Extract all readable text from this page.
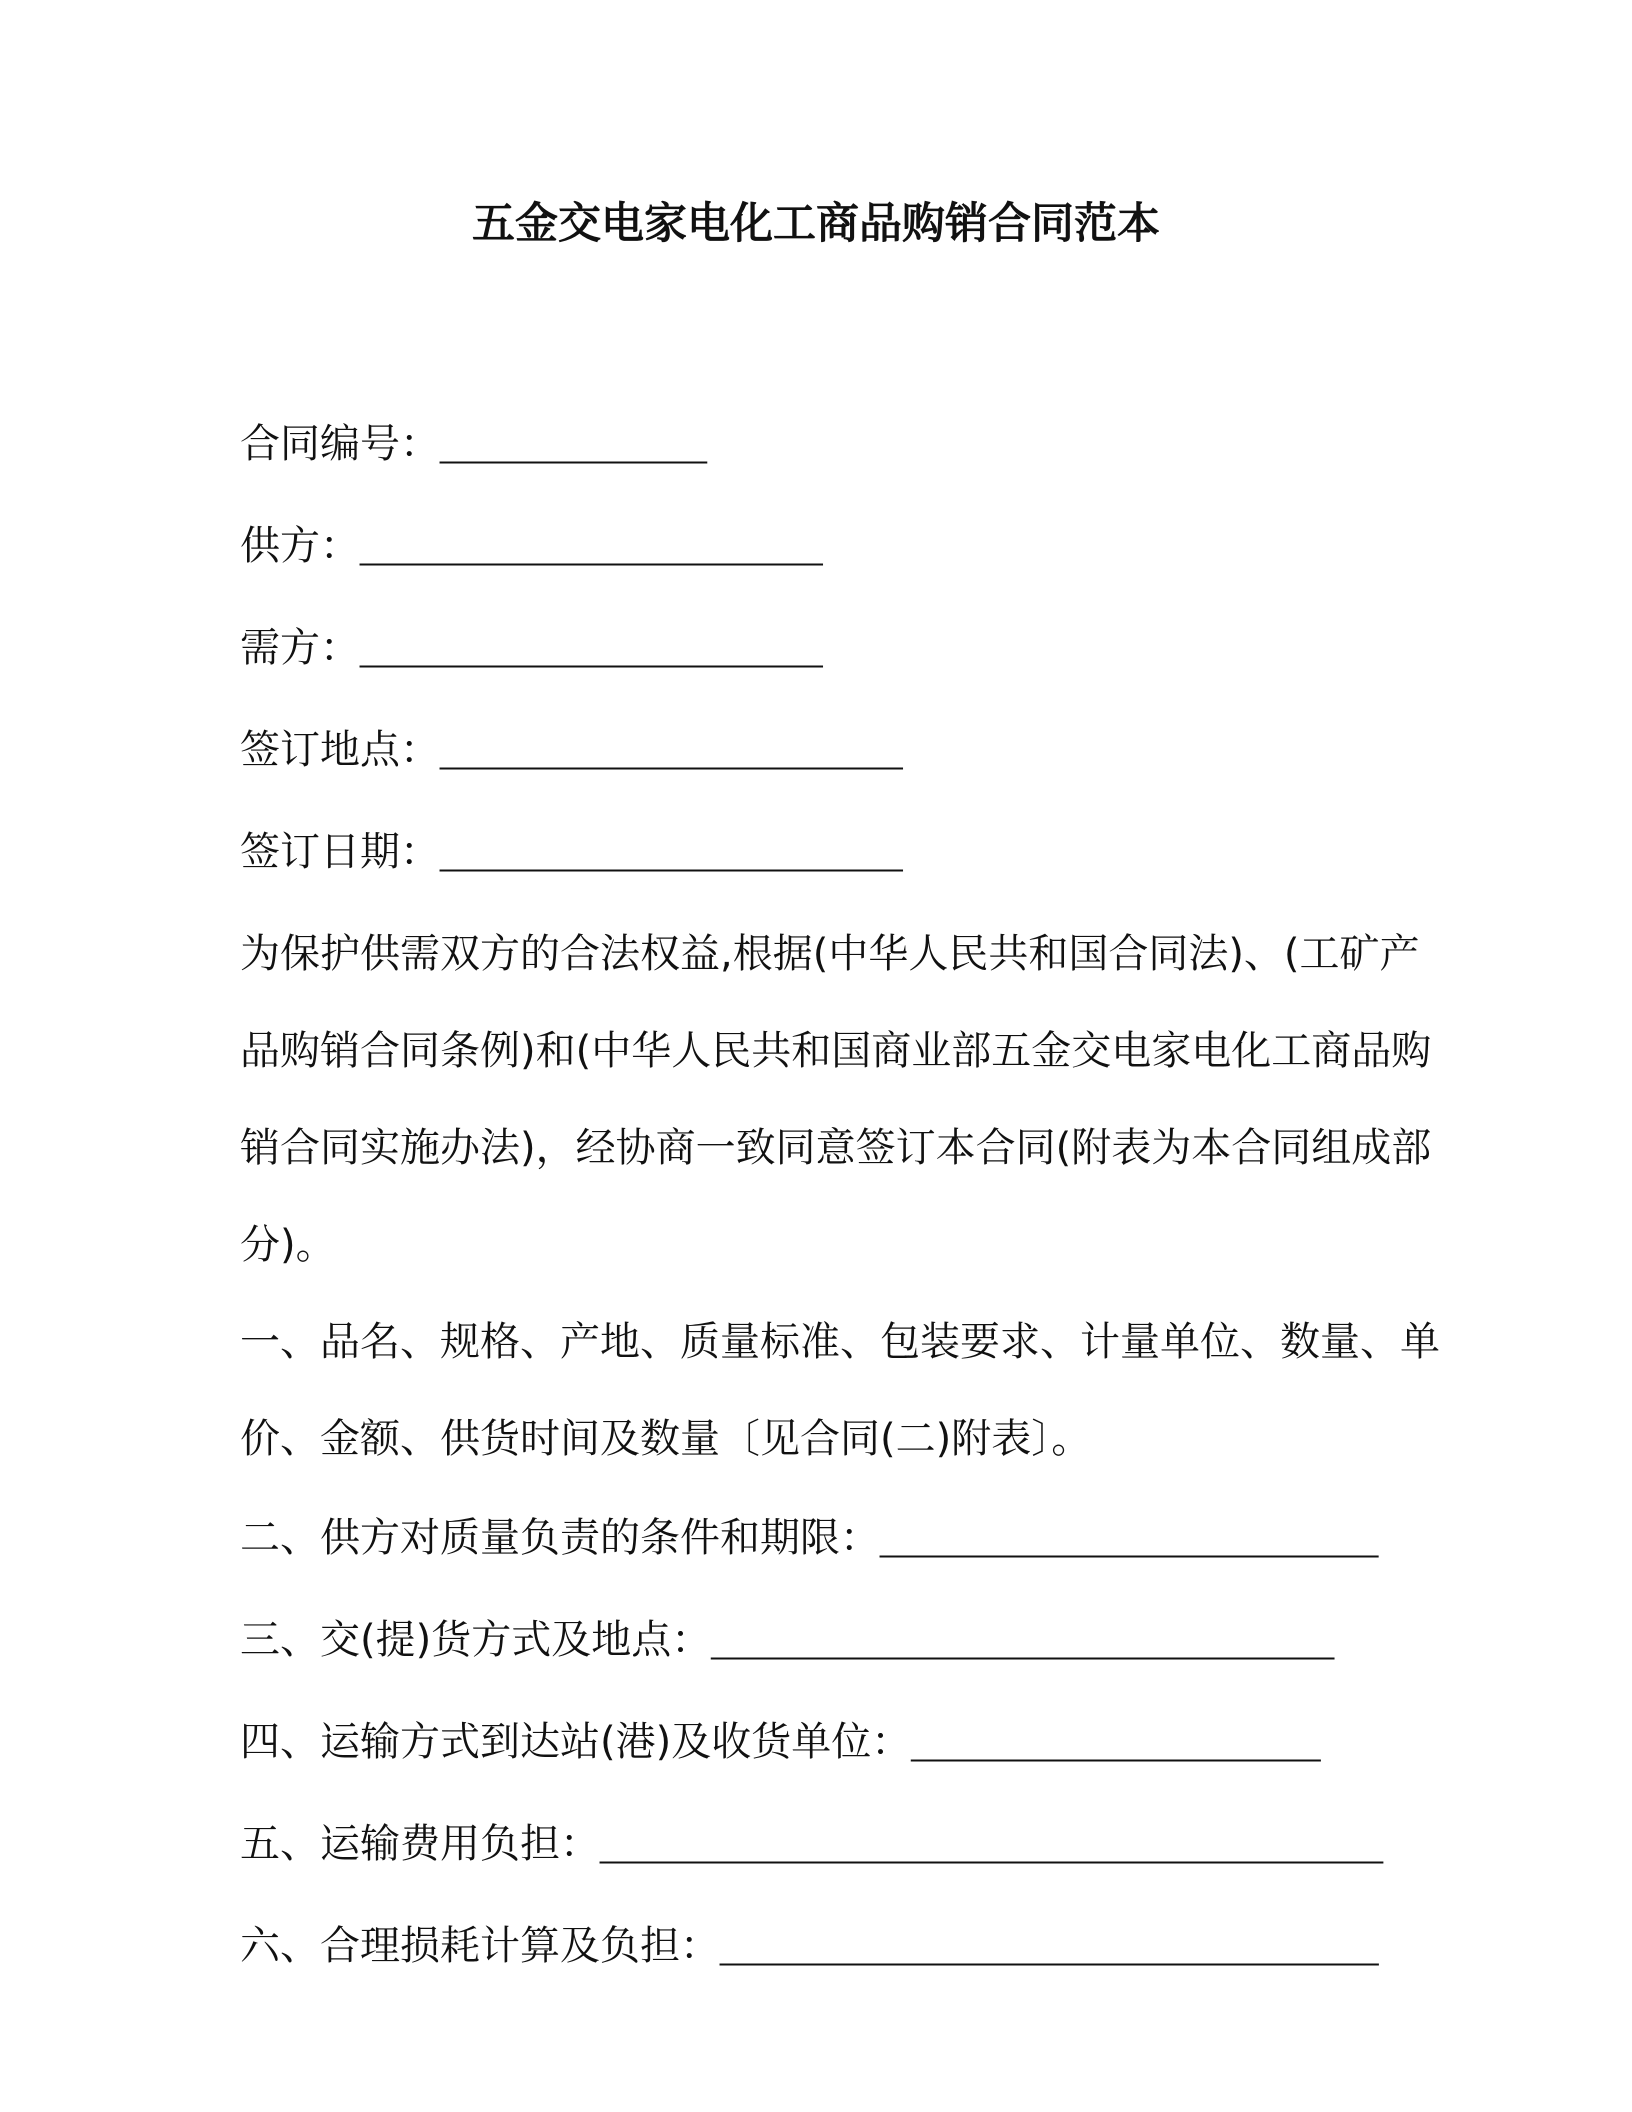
五金交电家电化工商品购销合同范本
合同编号：_______________
供方：__________________________
需方：__________________________
签订地点：__________________________
签订日期：__________________________
为保护供需双方的合法权益,根据(中华人民共和国合同法)、(工矿产品购销合同条例)和(中华人民共和国商业部五金交电家电化工商品购销合同实施办法)，经协商一致同意签订本合同(附表为本合同组成部分)。
一、品名、规格、产地、质量标准、包装要求、计量单位、数量、单价、金额、供货时间及数量〔见合同(二)附表〕。
二、供方对质量负责的条件和期限：____________________________
三、交(提)货方式及地点：___________________________________
四、运输方式到达站(港)及收货单位：_______________________
五、运输费用负担：____________________________________________
六、合理损耗计算及负担：_____________________________________
